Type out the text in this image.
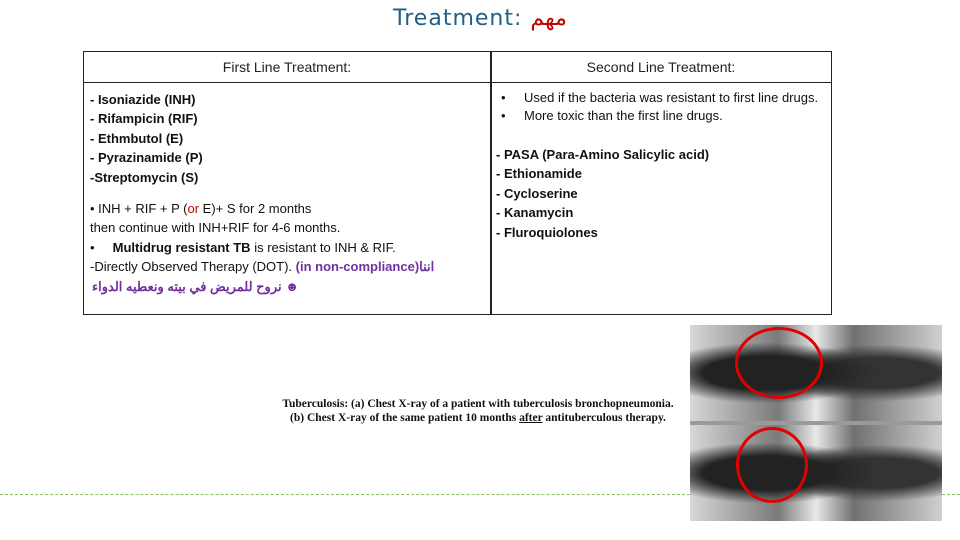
Treatment: مهم
First Line Treatment:	Second Line Treatment:
- Isoniazide (INH)
- Rifampicin (RIF)
- Ethmbutol (E)
- Pyrazinamide (P)
-Streptomycin (S)
• INH + RIF + P (or E)+ S for 2 months
then continue with INH+RIF for 4-6 months.
• Multidrug resistant TB is resistant to INH & RIF.
-Directly Observed Therapy (DOT). (in non-compliance)اننا
نروح للمريض في بيته ونعطيه الدواء ☻
• Used if the bacteria was resistant to first line drugs.
• More toxic than the first line drugs.
- PASA (Para-Amino Salicylic acid)
- Ethionamide
- Cycloserine
- Kanamycin
- Fluroquiolones
Tuberculosis: (a) Chest X-ray of a patient with tuberculosis bronchopneumonia.
(b) Chest X-ray of the same patient 10 months after antituberculous therapy.
